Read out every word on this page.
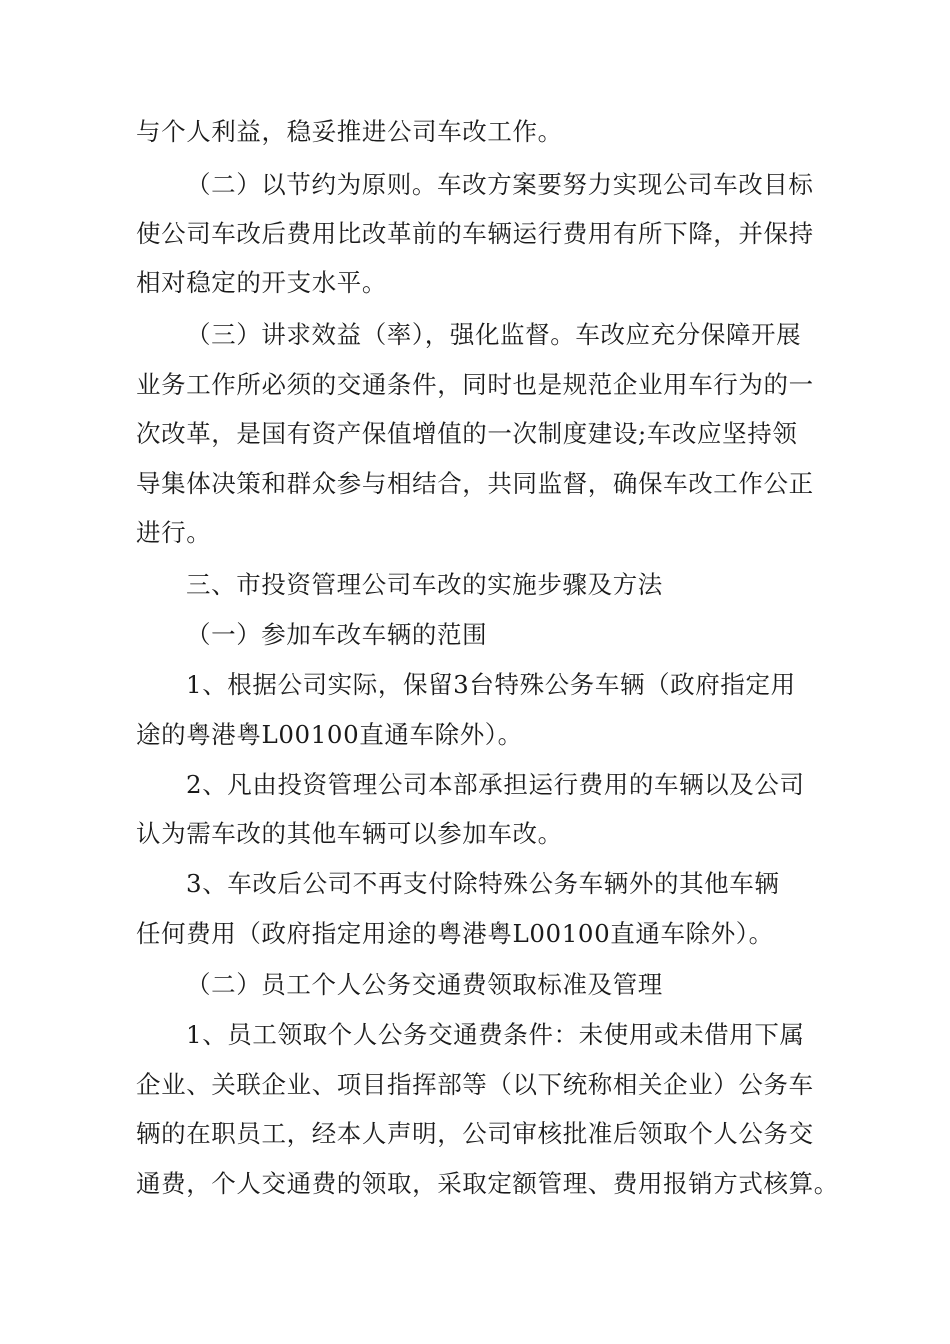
与个人利益，稳妥推进公司车改工作。
（二）以节约为原则。车改方案要努力实现公司车改目标
使公司车改后费用比改革前的车辆运行费用有所下降，并保持
相对稳定的开支水平。
（三）讲求效益（率），强化监督。车改应充分保障开展
业务工作所必须的交通条件，同时也是规范企业用车行为的一
次改革，是国有资产保值增值的一次制度建设;车改应坚持领
导集体决策和群众参与相结合，共同监督，确保车改工作公正
进行。
三、市投资管理公司车改的实施步骤及方法
（一）参加车改车辆的范围
1、根据公司实际，保留3台特殊公务车辆（政府指定用
途的粤港粤L00100直通车除外）。
2、凡由投资管理公司本部承担运行费用的车辆以及公司
认为需车改的其他车辆可以参加车改。
3、车改后公司不再支付除特殊公务车辆外的其他车辆
任何费用（政府指定用途的粤港粤L00100直通车除外）。
（二）员工个人公务交通费领取标准及管理
1、员工领取个人公务交通费条件：未使用或未借用下属
企业、关联企业、项目指挥部等（以下统称相关企业）公务车
辆的在职员工，经本人声明，公司审核批准后领取个人公务交
通费，个人交通费的领取，采取定额管理、费用报销方式核算。
